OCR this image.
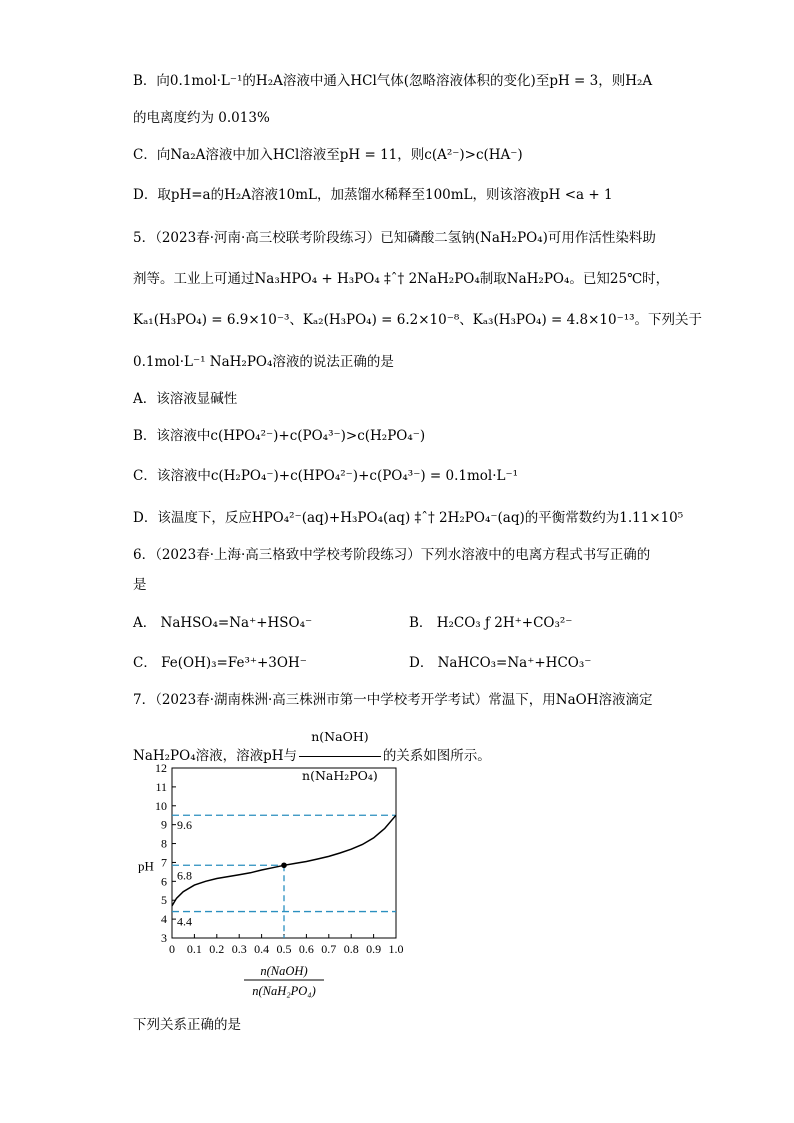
B．向0.1mol·L⁻¹的H₂A溶液中通入HCl气体(忽略溶液体积的变化)至pH = 3，则H₂A
的电离度约为 0.013%
C．向Na₂A溶液中加入HCl溶液至pH = 11，则c(A²⁻)>c(HA⁻)
D．取pH=a的H₂A溶液10mL，加蒸馏水稀释至100mL，则该溶液pH <a + 1
5．（2023春·河南·高三校联考阶段练习）已知磷酸二氢钠(NaH₂PO₄)可用作活性染料助
剂等。工业上可通过Na₃HPO₄ + H₃PO₄ ‡ˆ† 2NaH₂PO₄制取NaH₂PO₄。已知25℃时，
Kₐ₁(H₃PO₄) = 6.9×10⁻³、Kₐ₂(H₃PO₄) = 6.2×10⁻⁸、Kₐ₃(H₃PO₄) = 4.8×10⁻¹³。下列关于
0.1mol·L⁻¹ NaH₂PO₄溶液的说法正确的是
A．该溶液显碱性
B．该溶液中c(HPO₄²⁻)+c(PO₄³⁻)>c(H₂PO₄⁻)
C．该溶液中c(H₂PO₄⁻)+c(HPO₄²⁻)+c(PO₄³⁻) = 0.1mol·L⁻¹
D．该温度下，反应HPO₄²⁻(aq)+H₃PO₄(aq) ‡ˆ† 2H₂PO₄⁻(aq)的平衡常数约为1.11×10⁵
6．（2023春·上海·高三格致中学校考阶段练习）下列水溶液中的电离方程式书写正确的
是
A． NaHSO₄=Na⁺+HSO₄⁻	B． H₂CO₃ ƒ 2H⁺+CO₃²⁻
C． Fe(OH)₃=Fe³⁺+3OH⁻	D． NaHCO₃=Na⁺+HCO₃⁻
7．（2023春·湖南株洲·高三株洲市第一中学校考开学考试）常温下，用NaOH溶液滴定
NaH₂PO₄溶液，溶液pH与 $\frac{\text{n(NaOH)}}{\text{n(NaH₂PO₄)}}$ 的关系如图所示。
3
4
5
6
7
8
9
10
11
12
0 0.1 0.2 0.3 0.4 0.5 0.6 0.7 0.8 0.9 1.0
9.6
6.8
4.4
pH
n(NaOH)
n(NaH₂PO₄)
下列关系正确的是
